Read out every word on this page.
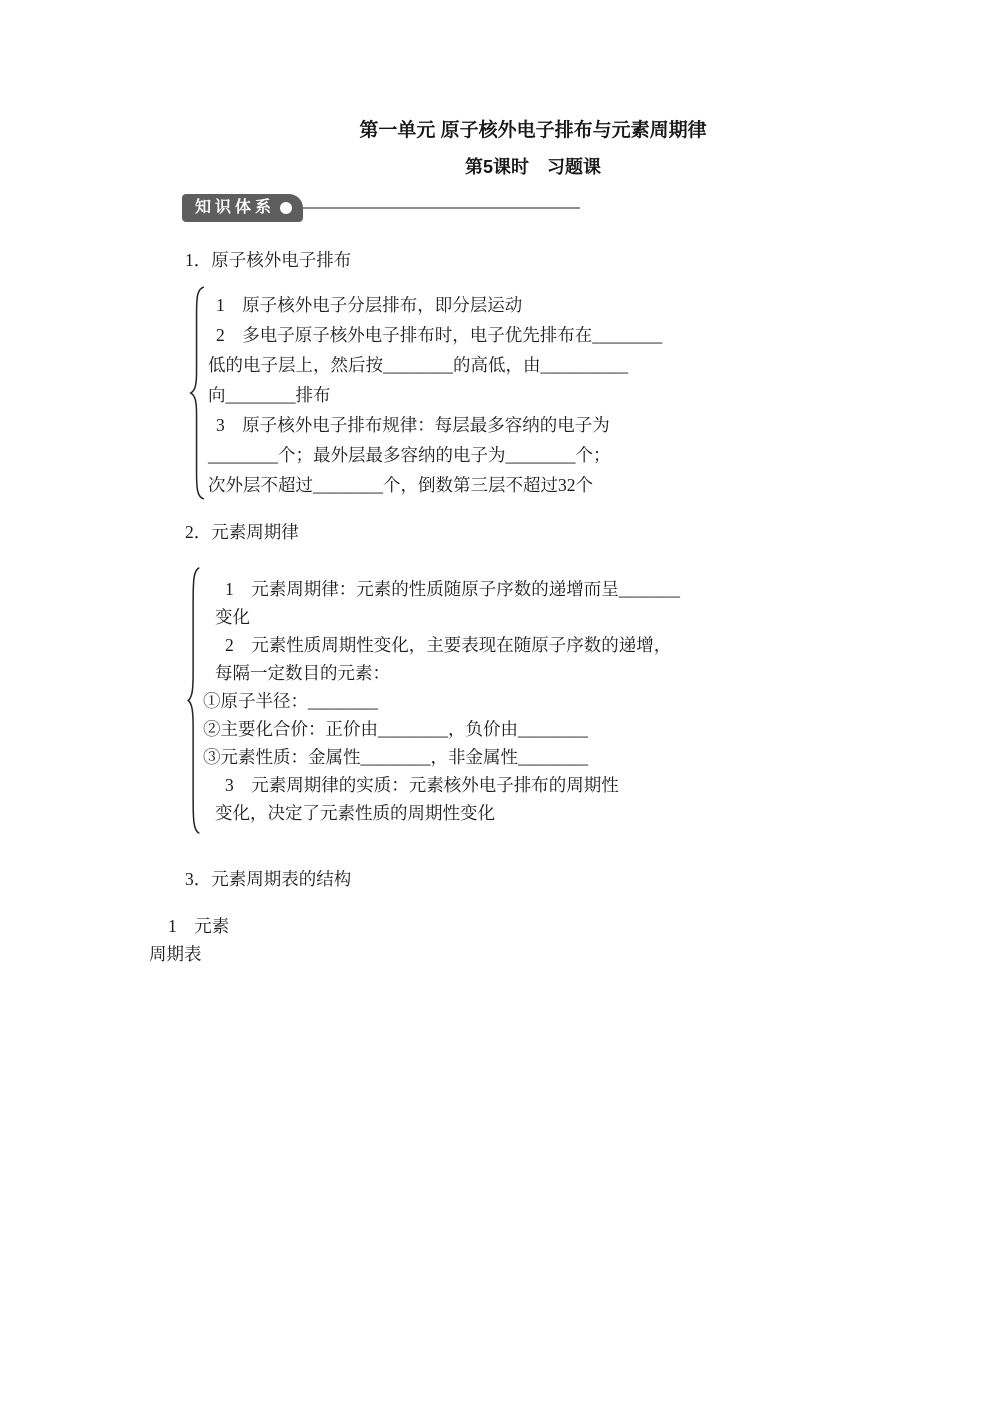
第一单元 原子核外电子排布与元素周期律
第5课时　习题课
知识体系
1．原子核外电子排布
1　原子核外电子分层排布，即分层运动
2　多电子原子核外电子排布时，电子优先排布在________
低的电子层上，然后按________的高低，由__________
向________排布
3　原子核外电子排布规律：每层最多容纳的电子为
________个；最外层最多容纳的电子为________个；
次外层不超过________个，倒数第三层不超过32个
2．元素周期律
1　元素周期律：元素的性质随原子序数的递增而呈_______
变化
2　元素性质周期性变化，主要表现在随原子序数的递增，
每隔一定数目的元素：
①原子半径：________
②主要化合价：正价由________，负价由________
③元素性质：金属性________，非金属性________
3　元素周期律的实质：元素核外电子排布的周期性
变化，决定了元素性质的周期性变化
3．元素周期表的结构
1　元素
周期表
